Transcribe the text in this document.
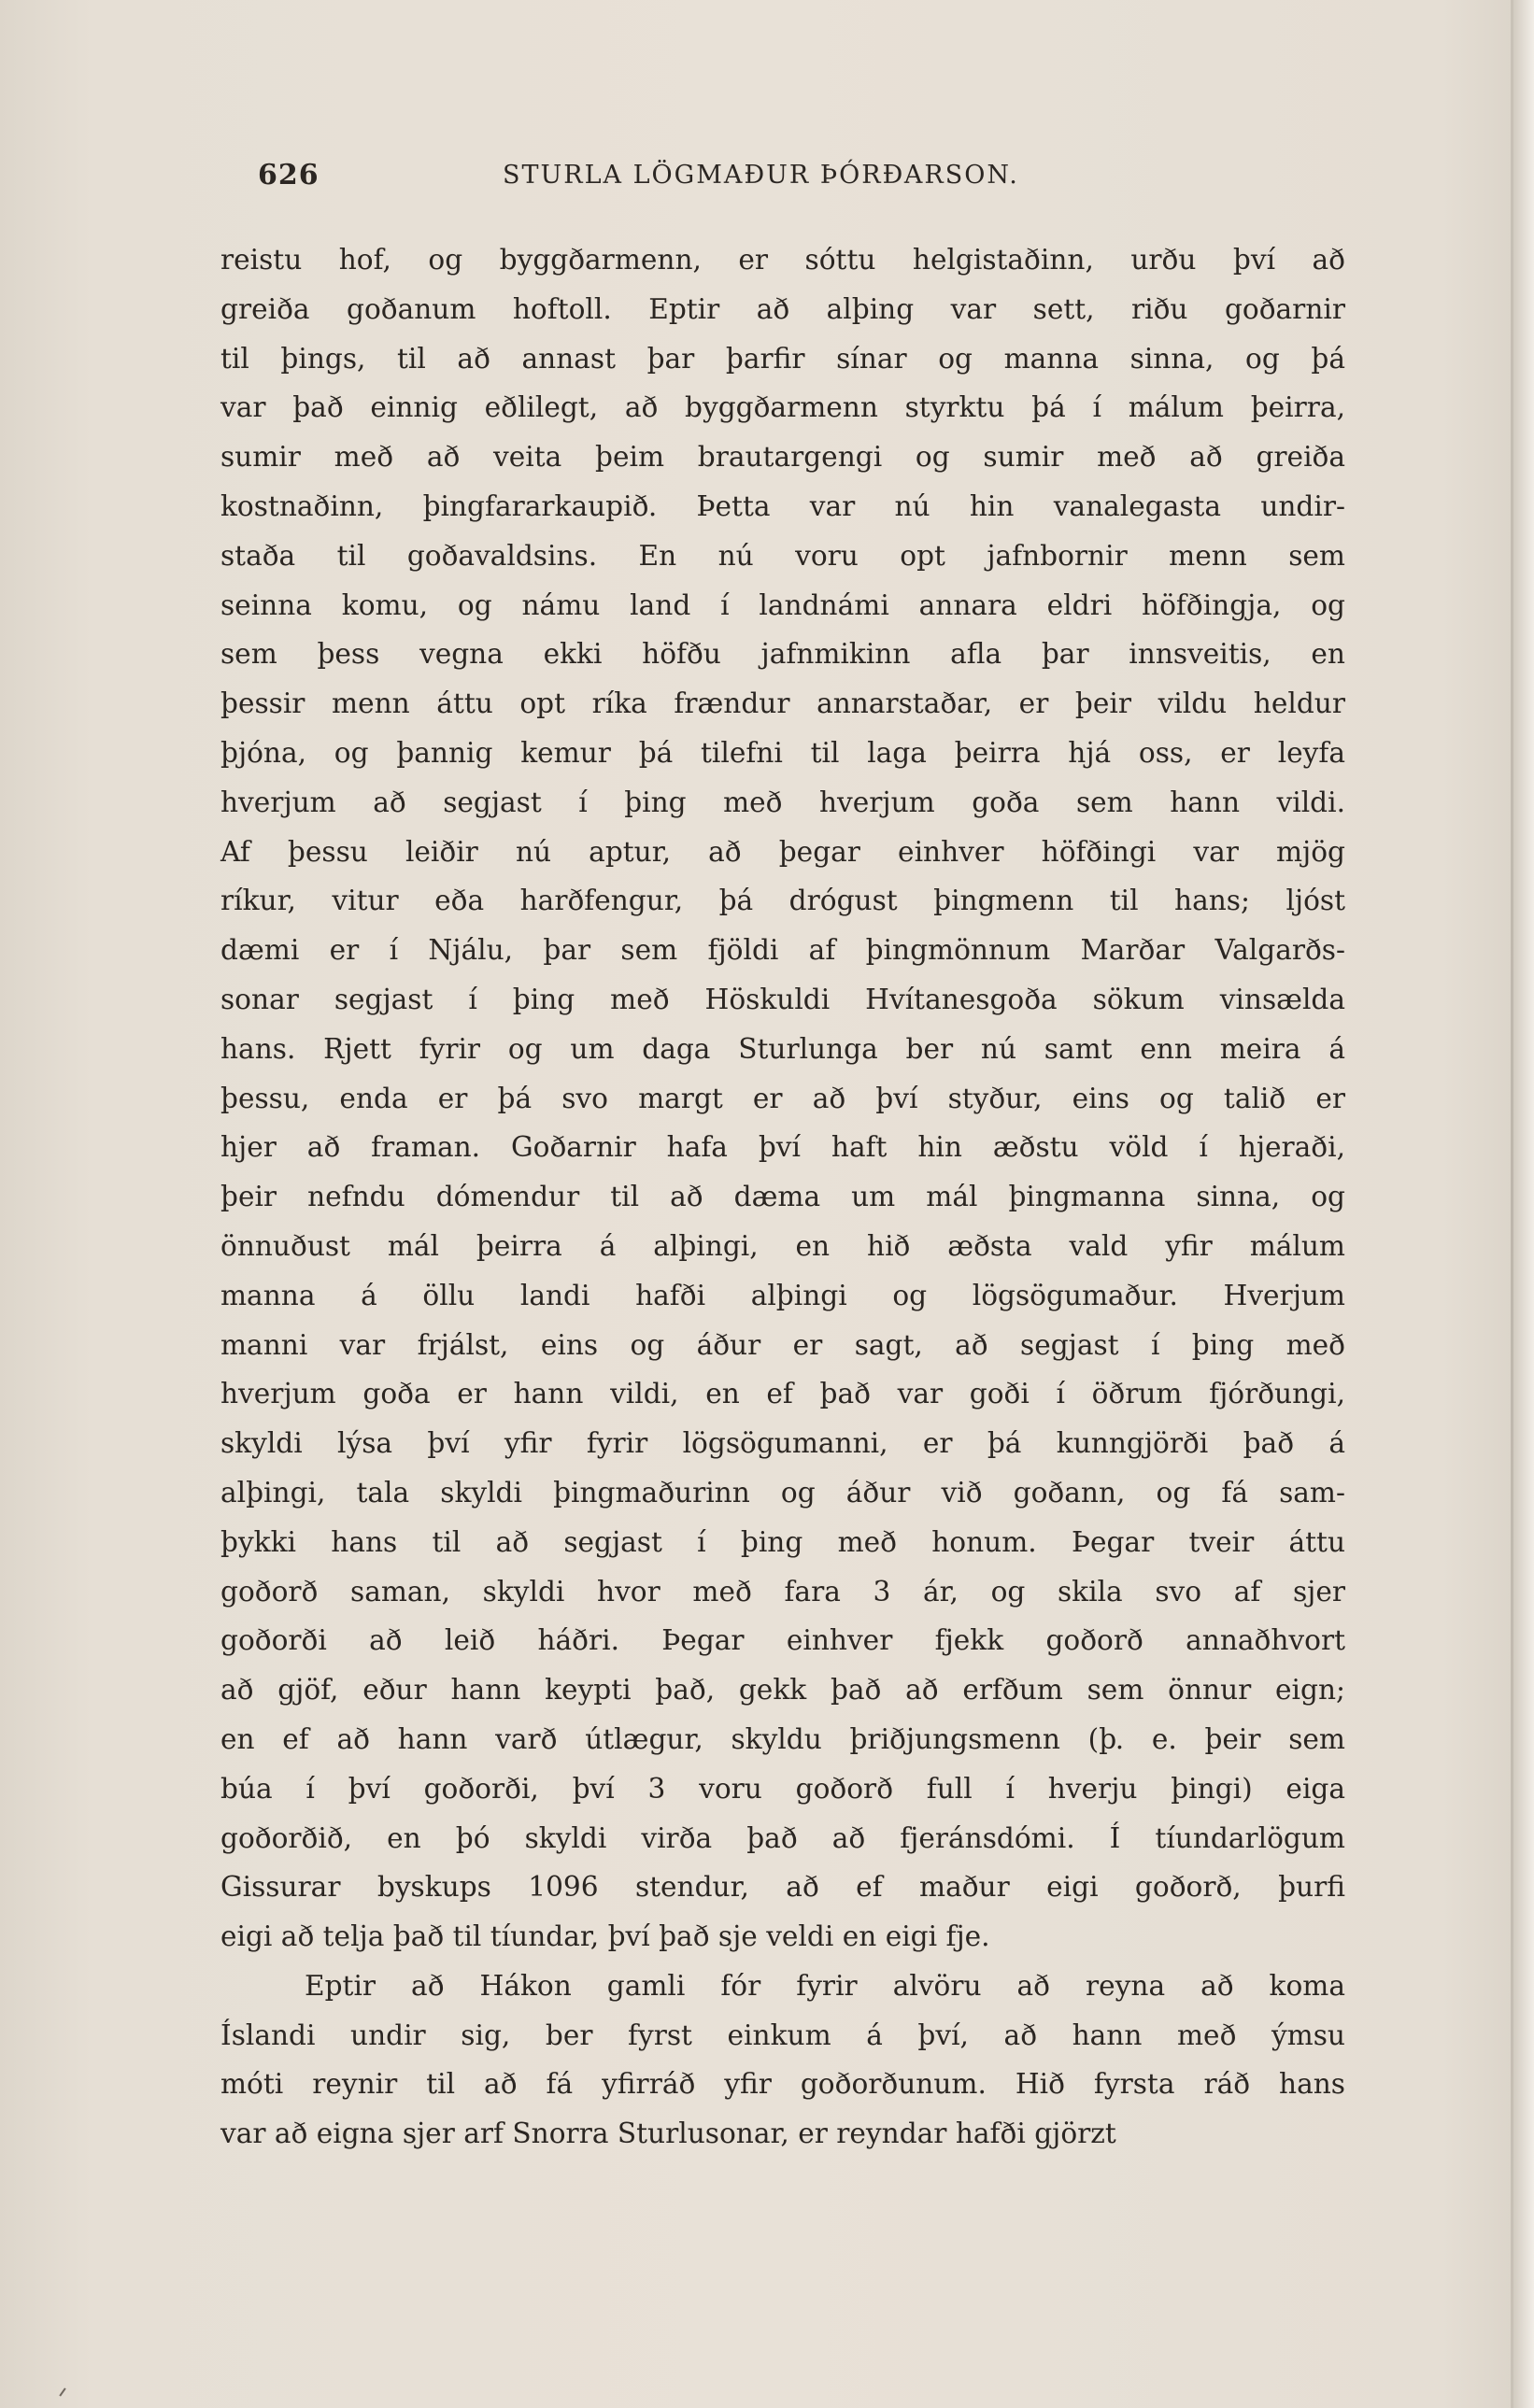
626	STURLA LÖGMAÐUR ÞÓRÐARSON.
reistu hof, og byggðarmenn, er sóttu helgistaðinn, urðu því að
greiða goðanum hoftoll. Eptir að alþing var sett, riðu goðarnir
til þings, til að annast þar þarfir sínar og manna sinna, og þá
var það einnig eðlilegt, að byggðarmenn styrktu þá í málum þeirra,
sumir með að veita þeim brautargengi og sumir með að greiða
kostnaðinn, þingfararkaupið. Þetta var nú hin vanalegasta undir-
staða til goðavaldsins. En nú voru opt jafnbornir menn sem
seinna komu, og námu land í landnámi annara eldri höfðingja, og
sem þess vegna ekki höfðu jafnmikinn afla þar innsveitis, en
þessir menn áttu opt ríka frændur annarstaðar, er þeir vildu heldur
þjóna, og þannig kemur þá tilefni til laga þeirra hjá oss, er leyfa
hverjum að segjast í þing með hverjum goða sem hann vildi.
Af þessu leiðir nú aptur, að þegar einhver höfðingi var mjög
ríkur, vitur eða harðfengur, þá drógust þingmenn til hans; ljóst
dæmi er í Njálu, þar sem fjöldi af þingmönnum Marðar Valgarðs-
sonar segjast í þing með Höskuldi Hvítanesgoða sökum vinsælda
hans. Rjett fyrir og um daga Sturlunga ber nú samt enn meira á
þessu, enda er þá svo margt er að því styður, eins og talið er
hjer að framan. Goðarnir hafa því haft hin æðstu völd í hjeraði,
þeir nefndu dómendur til að dæma um mál þingmanna sinna, og
önnuðust mál þeirra á alþingi, en hið æðsta vald yfir málum
manna á öllu landi hafði alþingi og lögsögumaður. Hverjum
manni var frjálst, eins og áður er sagt, að segjast í þing með
hverjum goða er hann vildi, en ef það var goði í öðrum fjórðungi,
skyldi lýsa því yfir fyrir lögsögumanni, er þá kunngjörði það á
alþingi, tala skyldi þingmaðurinn og áður við goðann, og fá sam-
þykki hans til að segjast í þing með honum. Þegar tveir áttu
goðorð saman, skyldi hvor með fara 3 ár, og skila svo af sjer
goðorði að leið háðri. Þegar einhver fjekk goðorð annaðhvort
að gjöf, eður hann keypti það, gekk það að erfðum sem önnur eign;
en ef að hann varð útlægur, skyldu þriðjungsmenn (þ. e. þeir sem
búa í því goðorði, því 3 voru goðorð full í hverju þingi) eiga
goðorðið, en þó skyldi virða það að fjeránsdómi. Í tíundarlögum
Gissurar byskups 1096 stendur, að ef maður eigi goðorð, þurfi
eigi að telja það til tíundar, því það sje veldi en eigi fje.
Eptir að Hákon gamli fór fyrir alvöru að reyna að koma
Íslandi undir sig, ber fyrst einkum á því, að hann með ýmsu
móti reynir til að fá yfirráð yfir goðorðunum. Hið fyrsta ráð hans
var að eigna sjer arf Snorra Sturlusonar, er reyndar hafði gjörzt
